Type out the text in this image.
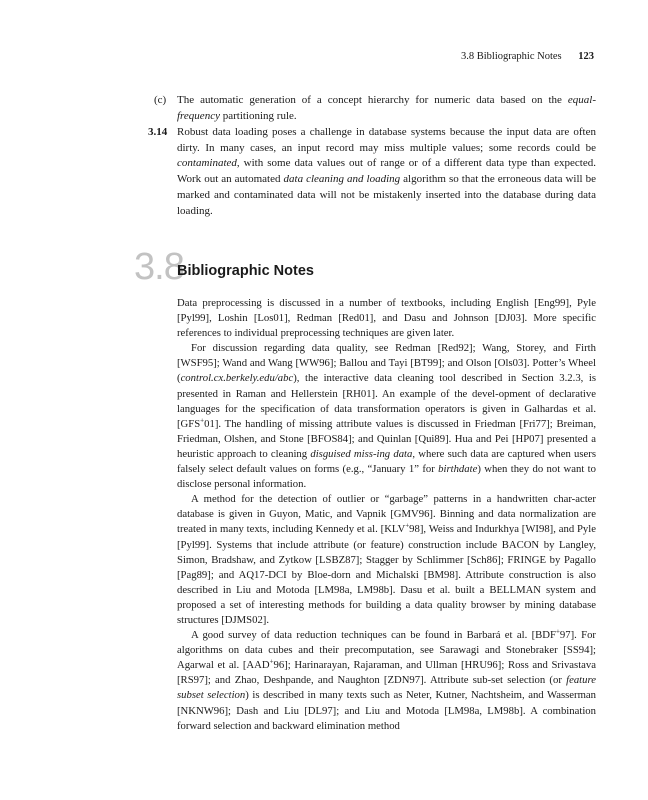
3.8 Bibliographic Notes 123
(c) The automatic generation of a concept hierarchy for numeric data based on the equal-frequency partitioning rule.
3.14 Robust data loading poses a challenge in database systems because the input data are often dirty. In many cases, an input record may miss multiple values; some records could be contaminated, with some data values out of range or of a different data type than expected. Work out an automated data cleaning and loading algorithm so that the erroneous data will be marked and contaminated data will not be mistakenly inserted into the database during data loading.
3.8
Bibliographic Notes

Data preprocessing is discussed in a number of textbooks, including English [Eng99], Pyle [Pyl99], Loshin [Los01], Redman [Red01], and Dasu and Johnson [DJ03]. More specific references to individual preprocessing techniques are given later.

For discussion regarding data quality, see Redman [Red92]; Wang, Storey, and Firth [WSF95]; Wand and Wang [WW96]; Ballou and Tayi [BT99]; and Olson [Ols03]. Potter’s Wheel (control.cx.berkely.edu/abc), the interactive data cleaning tool described in Section 3.2.3, is presented in Raman and Hellerstein [RH01]. An example of the devel-opment of declarative languages for the specification of data transformation operators is given in Galhardas et al. [GFS+01]. The handling of missing attribute values is discussed in Friedman [Fri77]; Breiman, Friedman, Olshen, and Stone [BFOS84]; and Quinlan [Qui89]. Hua and Pei [HP07] presented a heuristic approach to cleaning disguised miss-ing data, where such data are captured when users falsely select default values on forms (e.g., “January 1” for birthdate) when they do not want to disclose personal information.

A method for the detection of outlier or “garbage” patterns in a handwritten char-acter database is given in Guyon, Matic, and Vapnik [GMV96]. Binning and data normalization are treated in many texts, including Kennedy et al. [KLV+98], Weiss and Indurkhya [WI98], and Pyle [Pyl99]. Systems that include attribute (or feature) construction include BACON by Langley, Simon, Bradshaw, and Zytkow [LSBZ87]; Stagger by Schlimmer [Sch86]; FRINGE by Pagallo [Pag89]; and AQ17-DCI by Bloe-dorn and Michalski [BM98]. Attribute construction is also described in Liu and Motoda [LM98a, LM98b]. Dasu et al. built a BELLMAN system and proposed a set of interesting methods for building a data quality browser by mining database structures [DJMS02].

A good survey of data reduction techniques can be found in Barbará et al. [BDF+97]. For algorithms on data cubes and their precomputation, see Sarawagi and Stonebraker [SS94]; Agarwal et al. [AAD+96]; Harinarayan, Rajaraman, and Ullman [HRU96]; Ross and Srivastava [RS97]; and Zhao, Deshpande, and Naughton [ZDN97]. Attribute sub-set selection (or feature subset selection) is described in many texts such as Neter, Kutner, Nachtsheim, and Wasserman [NKNW96]; Dash and Liu [DL97]; and Liu and Motoda [LM98a, LM98b]. A combination forward selection and backward elimination method
